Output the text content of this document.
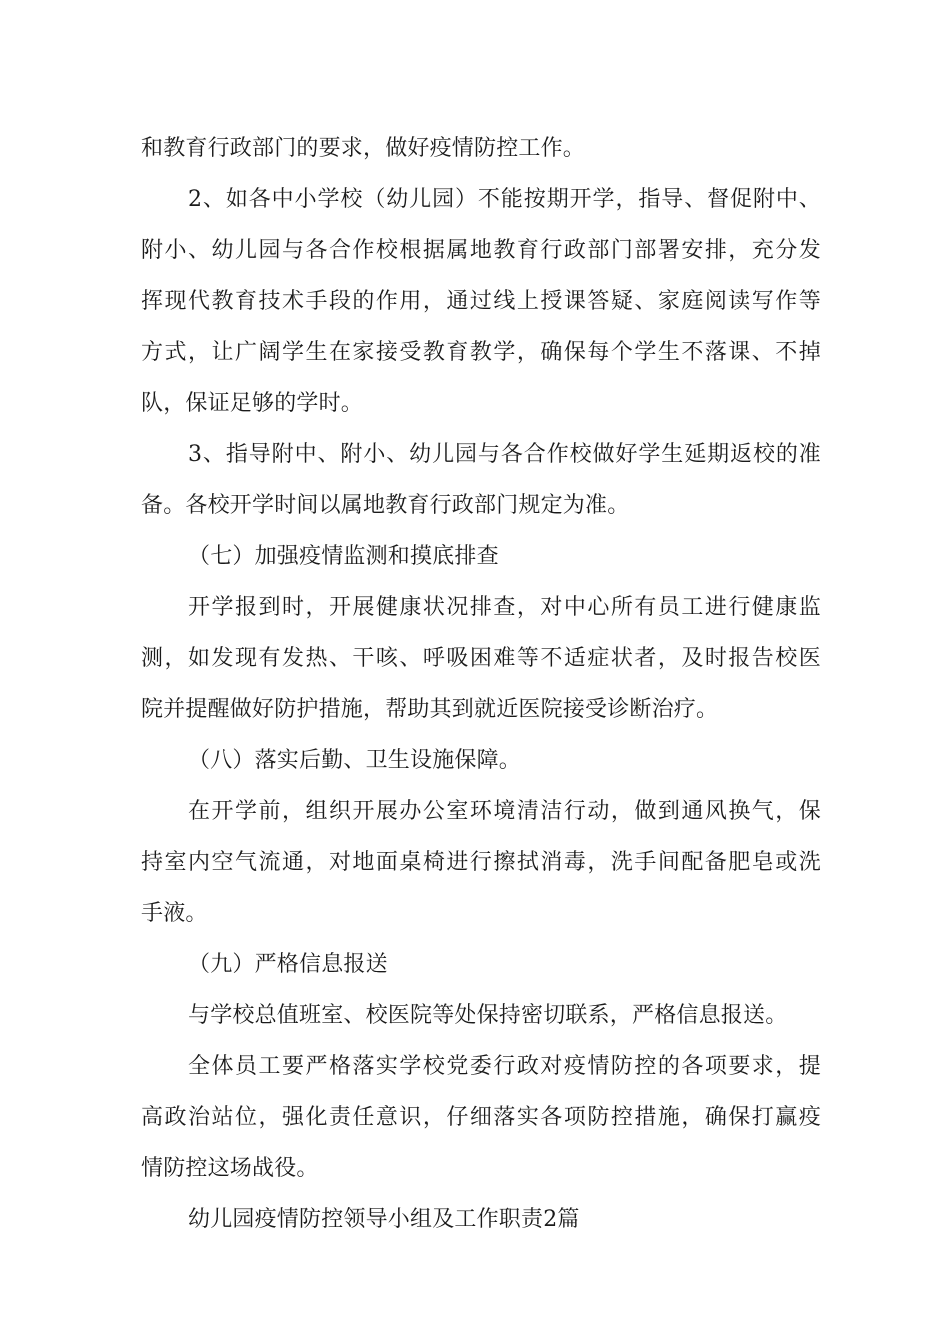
和教育行政部门的要求，做好疫情防控工作。
2、如各中小学校（幼儿园）不能按期开学，指导、督促附中、
附小、幼儿园与各合作校根据属地教育行政部门部署安排，充分发
挥现代教育技术手段的作用，通过线上授课答疑、家庭阅读写作等
方式，让广阔学生在家接受教育教学，确保每个学生不落课、不掉
队，保证足够的学时。
3、指导附中、附小、幼儿园与各合作校做好学生延期返校的准
备。各校开学时间以属地教育行政部门规定为准。
（七）加强疫情监测和摸底排查
开学报到时，开展健康状况排查，对中心所有员工进行健康监
测，如发现有发热、干咳、呼吸困难等不适症状者，及时报告校医
院并提醒做好防护措施，帮助其到就近医院接受诊断治疗。
（八）落实后勤、卫生设施保障。
在开学前，组织开展办公室环境清洁行动，做到通风换气，保
持室内空气流通，对地面桌椅进行擦拭消毒，洗手间配备肥皂或洗
手液。
（九）严格信息报送
与学校总值班室、校医院等处保持密切联系，严格信息报送。
全体员工要严格落实学校党委行政对疫情防控的各项要求，提
高政治站位，强化责任意识，仔细落实各项防控措施，确保打赢疫
情防控这场战役。
幼儿园疫情防控领导小组及工作职责2篇
